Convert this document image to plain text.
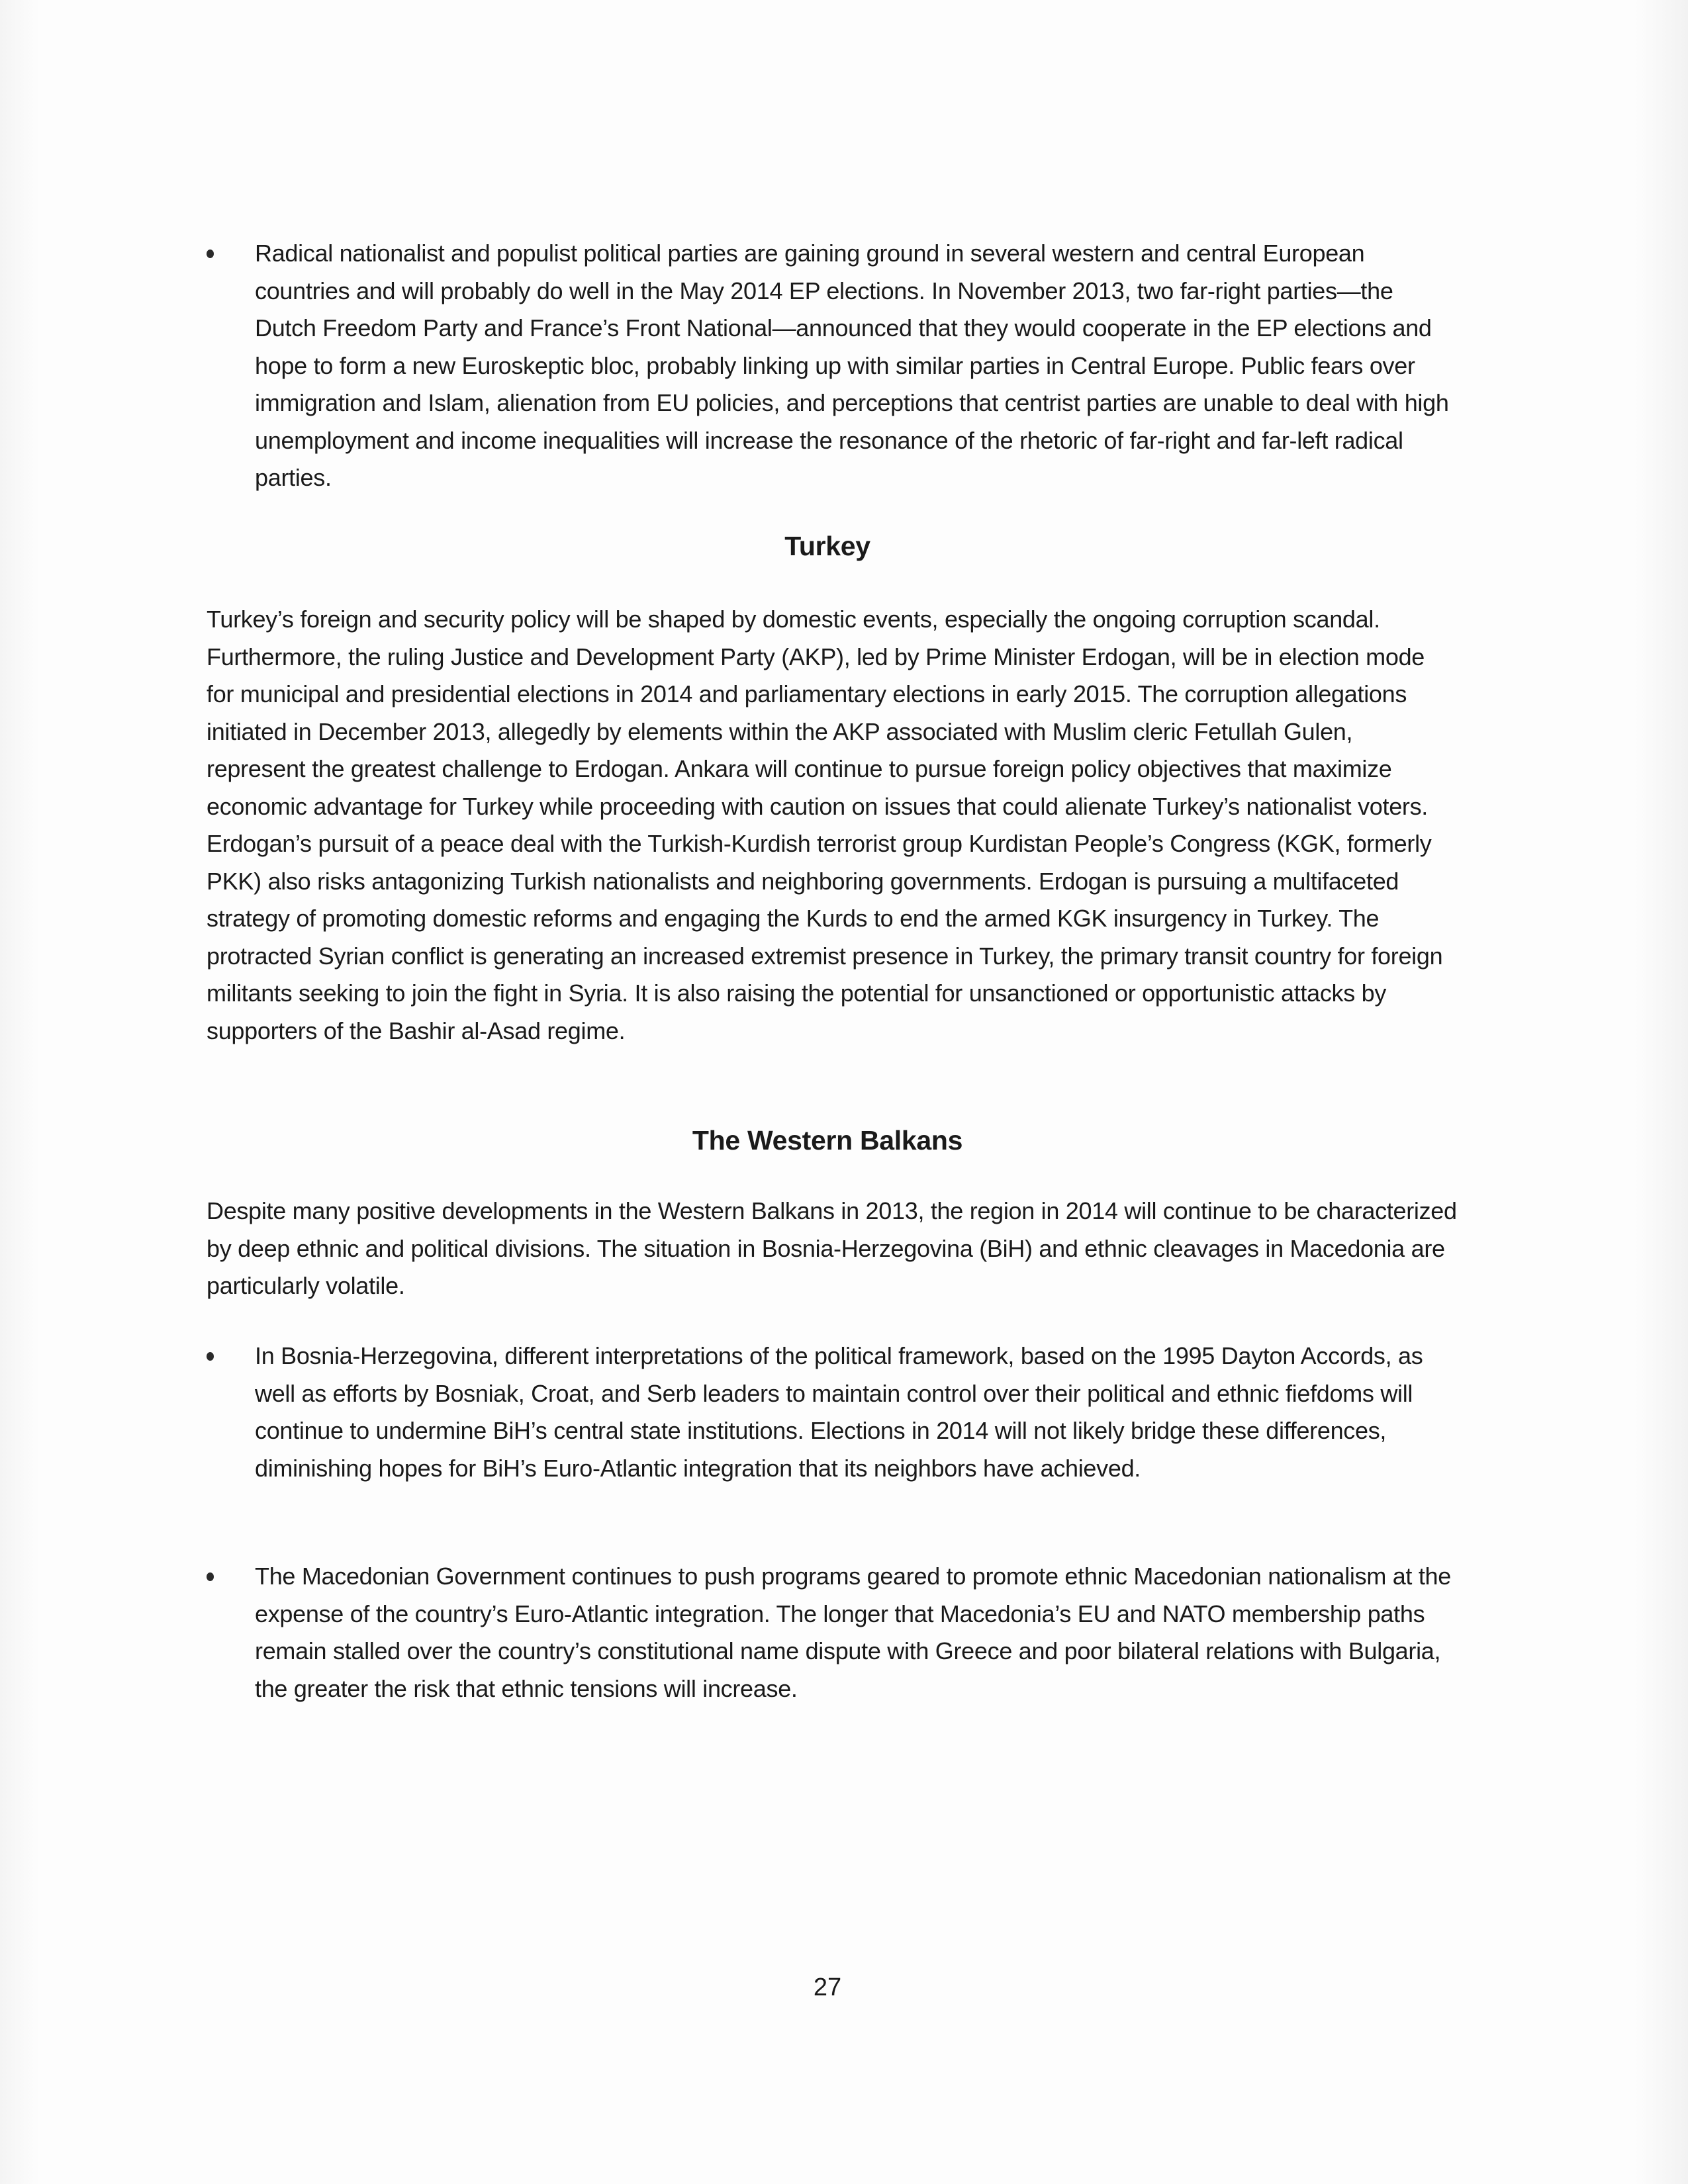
Radical nationalist and populist political parties are gaining ground in several western and central European countries and will probably do well in the May 2014 EP elections. In November 2013, two far-right parties—the Dutch Freedom Party and France’s Front National—announced that they would cooperate in the EP elections and hope to form a new Euroskeptic bloc, probably linking up with similar parties in Central Europe. Public fears over immigration and Islam, alienation from EU policies, and perceptions that centrist parties are unable to deal with high unemployment and income inequalities will increase the resonance of the rhetoric of far-right and far-left radical parties.
Turkey
Turkey’s foreign and security policy will be shaped by domestic events, especially the ongoing corruption scandal. Furthermore, the ruling Justice and Development Party (AKP), led by Prime Minister Erdogan, will be in election mode for municipal and presidential elections in 2014 and parliamentary elections in early 2015. The corruption allegations initiated in December 2013, allegedly by elements within the AKP associated with Muslim cleric Fetullah Gulen, represent the greatest challenge to Erdogan. Ankara will continue to pursue foreign policy objectives that maximize economic advantage for Turkey while proceeding with caution on issues that could alienate Turkey’s nationalist voters. Erdogan’s pursuit of a peace deal with the Turkish-Kurdish terrorist group Kurdistan People’s Congress (KGK, formerly PKK) also risks antagonizing Turkish nationalists and neighboring governments. Erdogan is pursuing a multifaceted strategy of promoting domestic reforms and engaging the Kurds to end the armed KGK insurgency in Turkey. The protracted Syrian conflict is generating an increased extremist presence in Turkey, the primary transit country for foreign militants seeking to join the fight in Syria. It is also raising the potential for unsanctioned or opportunistic attacks by supporters of the Bashir al-Asad regime.
The Western Balkans
Despite many positive developments in the Western Balkans in 2013, the region in 2014 will continue to be characterized by deep ethnic and political divisions. The situation in Bosnia-Herzegovina (BiH) and ethnic cleavages in Macedonia are particularly volatile.
In Bosnia-Herzegovina, different interpretations of the political framework, based on the 1995 Dayton Accords, as well as efforts by Bosniak, Croat, and Serb leaders to maintain control over their political and ethnic fiefdoms will continue to undermine BiH’s central state institutions. Elections in 2014 will not likely bridge these differences, diminishing hopes for BiH’s Euro-Atlantic integration that its neighbors have achieved.
The Macedonian Government continues to push programs geared to promote ethnic Macedonian nationalism at the expense of the country’s Euro-Atlantic integration. The longer that Macedonia’s EU and NATO membership paths remain stalled over the country’s constitutional name dispute with Greece and poor bilateral relations with Bulgaria, the greater the risk that ethnic tensions will increase.
27
